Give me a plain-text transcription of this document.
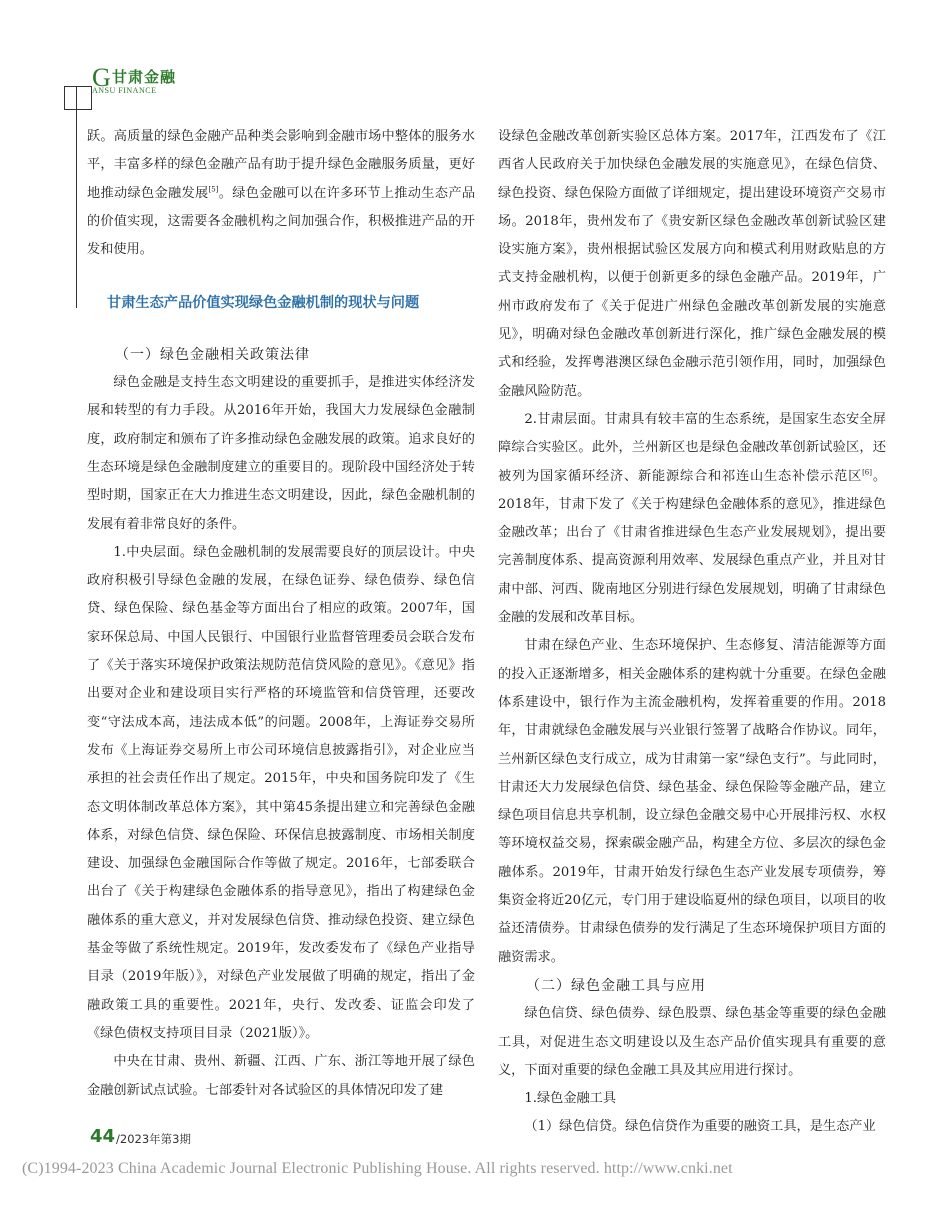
G 甘肃金融
ANSU FINANCE

跃。高质量的绿色金融产品种类会影响到金融市场中整体的服务水平，丰富多样的绿色金融产品有助于提升绿色金融服务质量，更好地推动绿色金融发展[5]。绿色金融可以在许多环节上推动生态产品的价值实现，这需要各金融机构之间加强合作，积极推进产品的开发和使用。

甘肃生态产品价值实现绿色金融机制的现状与问题

（一）绿色金融相关政策法律

绿色金融是支持生态文明建设的重要抓手，是推进实体经济发展和转型的有力手段。从2016年开始，我国大力发展绿色金融制度，政府制定和颁布了许多推动绿色金融发展的政策。追求良好的生态环境是绿色金融制度建立的重要目的。现阶段中国经济处于转型时期，国家正在大力推进生态文明建设，因此，绿色金融机制的发展有着非常良好的条件。

1.中央层面。绿色金融机制的发展需要良好的顶层设计。中央政府积极引导绿色金融的发展，在绿色证券、绿色债券、绿色信贷、绿色保险、绿色基金等方面出台了相应的政策。2007年，国家环保总局、中国人民银行、中国银行业监督管理委员会联合发布了《关于落实环境保护政策法规防范信贷风险的意见》。《意见》指出要对企业和建设项目实行严格的环境监管和信贷管理，还要改变“守法成本高，违法成本低”的问题。2008年，上海证券交易所发布《上海证券交易所上市公司环境信息披露指引》，对企业应当承担的社会责任作出了规定。2015年，中央和国务院印发了《生态文明体制改革总体方案》，其中第45条提出建立和完善绿色金融体系，对绿色信贷、绿色保险、环保信息披露制度、市场相关制度建设、加强绿色金融国际合作等做了规定。2016年，七部委联合出台了《关于构建绿色金融体系的指导意见》，指出了构建绿色金融体系的重大意义，并对发展绿色信贷、推动绿色投资、建立绿色基金等做了系统性规定。2019年，发改委发布了《绿色产业指导目录（2019年版）》，对绿色产业发展做了明确的规定，指出了金融政策工具的重要性。2021年，央行、发改委、证监会印发了《绿色债权支持项目目录（2021版）》。

中央在甘肃、贵州、新疆、江西、广东、浙江等地开展了绿色金融创新试点试验。七部委针对各试验区的具体情况印发了建

设绿色金融改革创新实验区总体方案。2017年，江西发布了《江西省人民政府关于加快绿色金融发展的实施意见》，在绿色信贷、绿色投资、绿色保险方面做了详细规定，提出建设环境资产交易市场。2018年，贵州发布了《贵安新区绿色金融改革创新试验区建设实施方案》，贵州根据试验区发展方向和模式利用财政贴息的方式支持金融机构，以便于创新更多的绿色金融产品。2019年，广州市政府发布了《关于促进广州绿色金融改革创新发展的实施意见》，明确对绿色金融改革创新进行深化，推广绿色金融发展的模式和经验，发挥粤港澳区绿色金融示范引领作用，同时，加强绿色金融风险防范。

2.甘肃层面。甘肃具有较丰富的生态系统，是国家生态安全屏障综合实验区。此外，兰州新区也是绿色金融改革创新试验区，还被列为国家循环经济、新能源综合和祁连山生态补偿示范区[6]。2018年，甘肃下发了《关于构建绿色金融体系的意见》，推进绿色金融改革；出台了《甘肃省推进绿色生态产业发展规划》，提出要完善制度体系、提高资源利用效率、发展绿色重点产业，并且对甘肃中部、河西、陇南地区分别进行绿色发展规划，明确了甘肃绿色金融的发展和改革目标。

甘肃在绿色产业、生态环境保护、生态修复、清洁能源等方面的投入正逐渐增多，相关金融体系的建构就十分重要。在绿色金融体系建设中，银行作为主流金融机构，发挥着重要的作用。2018年，甘肃就绿色金融发展与兴业银行签署了战略合作协议。同年，兰州新区绿色支行成立，成为甘肃第一家“绿色支行”。与此同时，甘肃还大力发展绿色信贷、绿色基金、绿色保险等金融产品，建立绿色项目信息共享机制，设立绿色金融交易中心开展排污权、水权等环境权益交易，探索碳金融产品，构建全方位、多层次的绿色金融体系。2019年，甘肃开始发行绿色生态产业发展专项债券，筹集资金将近20亿元，专门用于建设临夏州的绿色项目，以项目的收益还清债券。甘肃绿色债券的发行满足了生态环境保护项目方面的融资需求。

（二）绿色金融工具与应用

绿色信贷、绿色债券、绿色股票、绿色基金等重要的绿色金融工具，对促进生态文明建设以及生态产品价值实现具有重要的意义，下面对重要的绿色金融工具及其应用进行探讨。

1.绿色金融工具

（1）绿色信贷。绿色信贷作为重要的融资工具，是生态产业

44 /2023年第3期
(C)1994-2023 China Academic Journal Electronic Publishing House. All rights reserved. http://www.cnki.net
